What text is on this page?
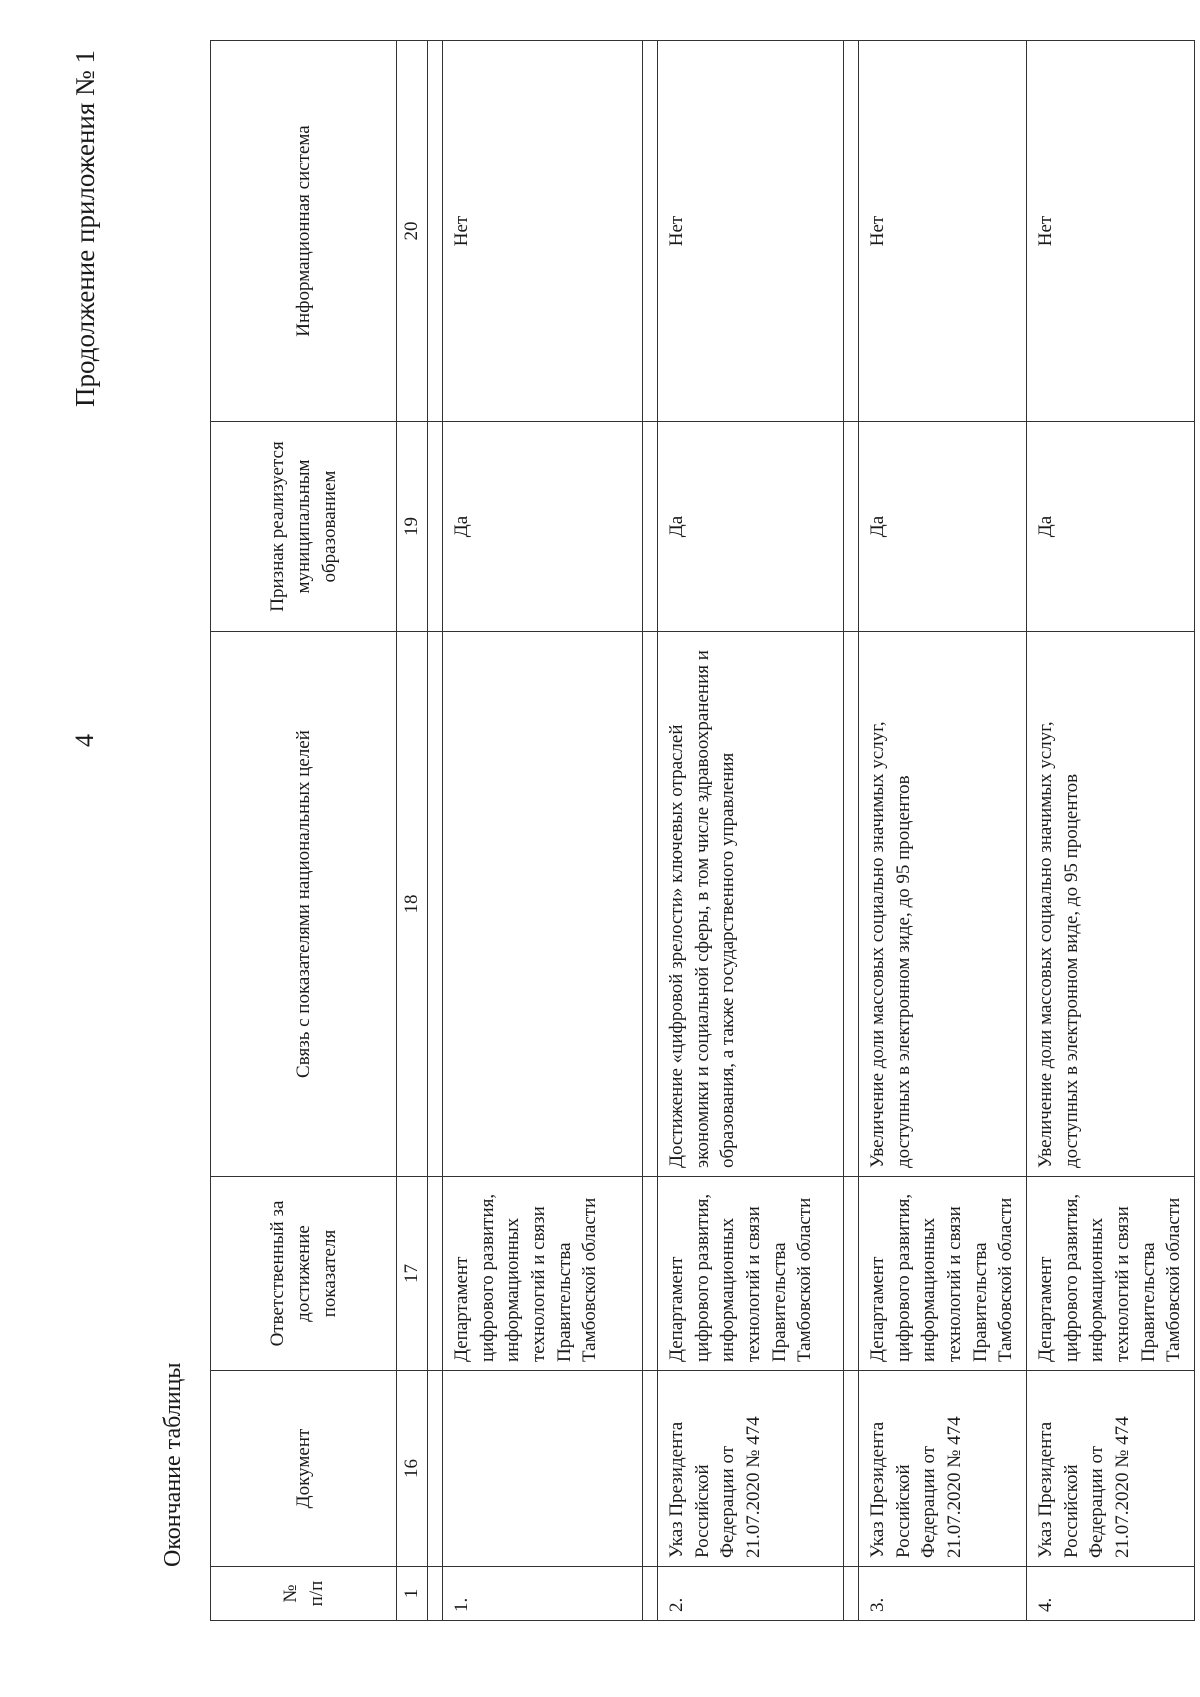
4
Продолжение приложения № 1
Окончание таблицы
№ п/п	Документ	Ответственный за достижение показателя	Связь с показателями национальных целей	Признак реализуется муниципальным образованием	Информационная система
1	16	17	18	19	20

1.		Департамент цифрового развития, информационных технологий и связи Правительства Тамбовской области		Да	Нет

2.	Указ Президента Российской Федерации от 21.07.2020 № 474	Департамент цифрового развития, информационных технологий и связи Правительства Тамбовской области	Достижение «цифровой зрелости» ключевых отраслей экономики и социальной сферы, в том числе здравоохранения и образования, а также государственного управления	Да	Нет

3.	Указ Президента Российской Федерации от 21.07.2020 № 474	Департамент цифрового развития, информационных технологий и связи Правительства Тамбовской области	Увеличение доли массовых социально значимых услуг, доступных в электронном зиде, до 95 процентов	Да	Нет
4.	Указ Президента Российской Федерации от 21.07.2020 № 474	Департамент цифрового развития, информационных технологий и связи Правительства Тамбовской области	Увеличение доли массовых социально значимых услуг, доступных в электронном виде, до 95 процентов	Да	Нет
